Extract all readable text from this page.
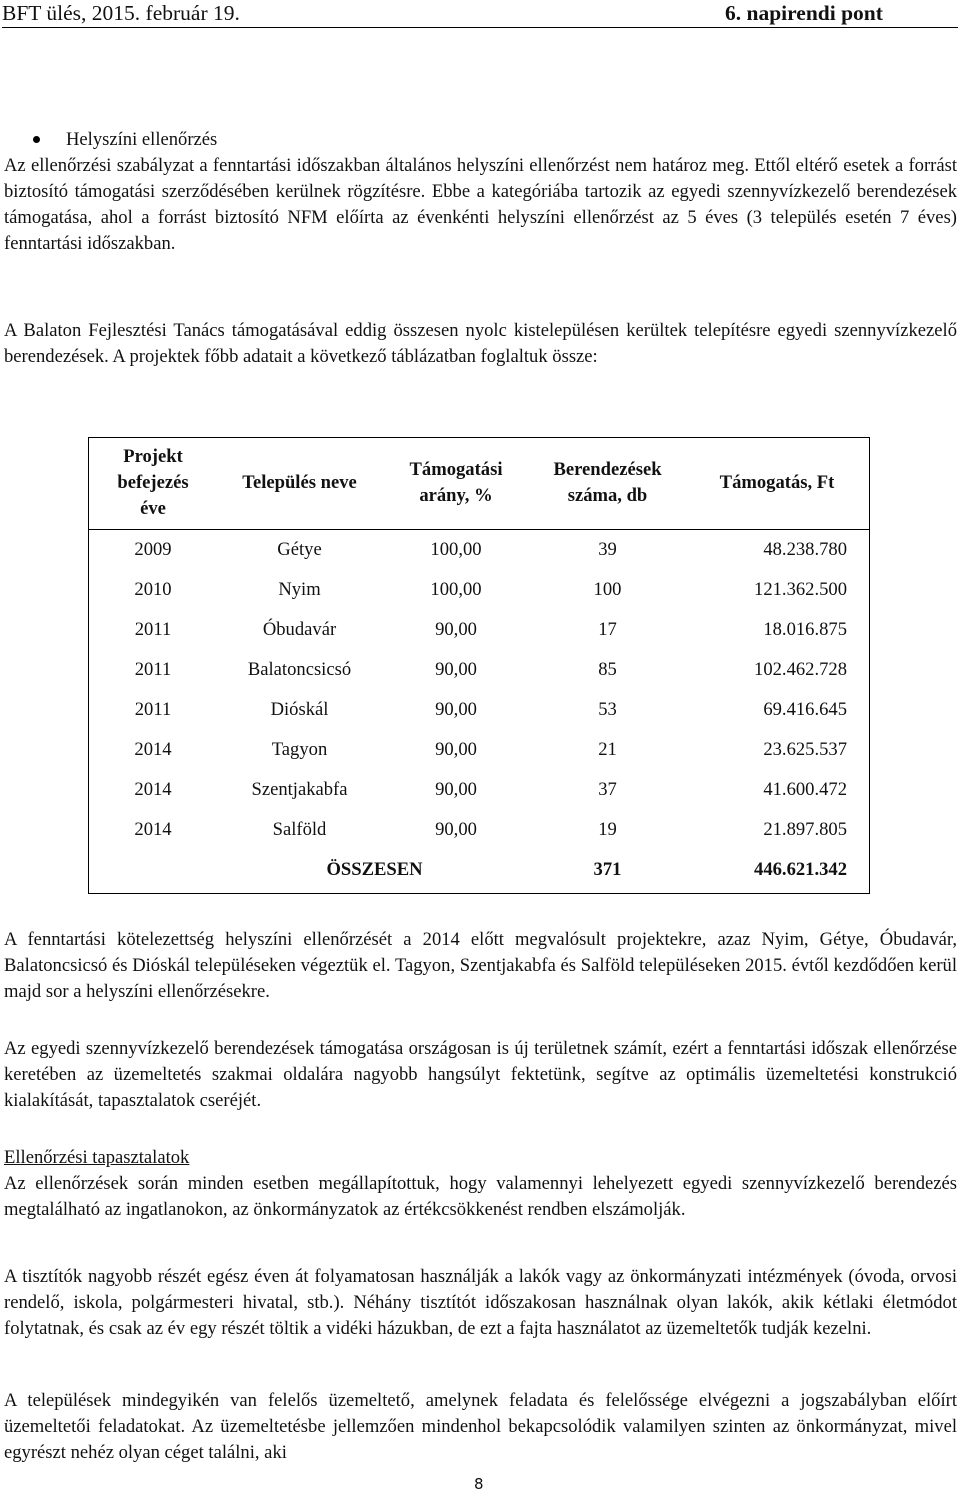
BFT ülés, 2015. február 19.	6. napirendi pont
Helyszíni ellenőrzés
Az ellenőrzési szabályzat a fenntartási időszakban általános helyszíni ellenőrzést nem határoz meg. Ettől eltérő esetek a forrást biztosító támogatási szerződésében kerülnek rögzítésre. Ebbe a kategóriába tartozik az egyedi szennyvízkezelő berendezések támogatása, ahol a forrást biztosító NFM előírta az évenkénti helyszíni ellenőrzést az 5 éves (3 település esetén 7 éves) fenntartási időszakban.
A Balaton Fejlesztési Tanács támogatásával eddig összesen nyolc kistelepülésen kerültek telepítésre egyedi szennyvízkezelő berendezések. A projektek főbb adatait a következő táblázatban foglaltuk össze:
Projekt befejezés éve	Település neve	Támogatási arány, %	Berendezések száma, db	Támogatás, Ft

2009	Gétye	100,00	39	48.238.780
2010	Nyim	100,00	100	121.362.500
2011	Óbudavár	90,00	17	18.016.875
2011	Balatoncsicsó	90,00	85	102.462.728
2011	Dióskál	90,00	53	69.416.645
2014	Tagyon	90,00	21	23.625.537
2014	Szentjakabfa	90,00	37	41.600.472
2014	Salföld	90,00	19	21.897.805
	ÖSSZESEN		371	446.621.342
A fenntartási kötelezettség helyszíni ellenőrzését a 2014 előtt megvalósult projektekre, azaz Nyim, Gétye, Óbudavár, Balatoncsicsó és Dióskál településeken végeztük el. Tagyon, Szentjakabfa és Salföld településeken 2015. évtől kezdődően kerül majd sor a helyszíni ellenőrzésekre.
Az egyedi szennyvízkezelő berendezések támogatása országosan is új területnek számít, ezért a fenntartási időszak ellenőrzése keretében az üzemeltetés szakmai oldalára nagyobb hangsúlyt fektetünk, segítve az optimális üzemeltetési konstrukció kialakítását, tapasztalatok cseréjét.
Ellenőrzési tapasztalatok
Az ellenőrzések során minden esetben megállapítottuk, hogy valamennyi lehelyezett egyedi szennyvízkezelő berendezés megtalálható az ingatlanokon, az önkormányzatok az értékcsökkenést rendben elszámolják.
A tisztítók nagyobb részét egész éven át folyamatosan használják a lakók vagy az önkormányzati intézmények (óvoda, orvosi rendelő, iskola, polgármesteri hivatal, stb.). Néhány tisztítót időszakosan használnak olyan lakók, akik kétlaki életmódot folytatnak, és csak az év egy részét töltik a vidéki házukban, de ezt a fajta használatot az üzemeltetők tudják kezelni.
A települések mindegyikén van felelős üzemeltető, amelynek feladata és felelőssége elvégezni a jogszabályban előírt üzemeltetői feladatokat. Az üzemeltetésbe jellemzően mindenhol bekapcsolódik valamilyen szinten az önkormányzat, mivel egyrészt nehéz olyan céget találni, aki
8
